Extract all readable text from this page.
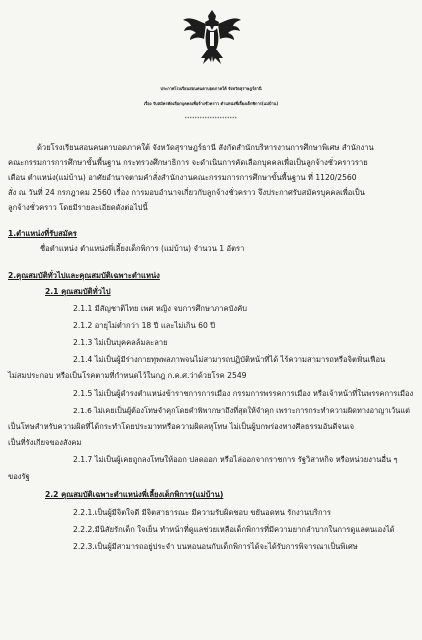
ประกาศโรงเรียนสอนคนตาบอดภาคใต้ จังหวัดสุราษฎร์ธานี
เรื่อง รับสมัครคัดเลือกบุคคลเพื่อจ้างชั่วคราว ตำแหน่งพี่เลี้ยงเด็กพิการ(แม่บ้าน)
*********************
ด้วยโรงเรียนสอนคนตาบอดภาคใต้ จังหวัดสุราษฎร์ธานี สังกัดสำนักบริหารงานการศึกษาพิเศษ สำนักงาน
คณะกรรมการการศึกษาขั้นพื้นฐาน กระทรวงศึกษาธิการ จะดำเนินการคัดเลือกบุคคลเพื่อเป็นลูกจ้างชั่วคราวราย
เดือน ตำแหน่ง(แม่บ้าน) อาศัยอำนาจตามคำสั่งสำนักงานคณะกรรมการการศึกษาขั้นพื้นฐาน ที่ 1120/2560
สั่ง ณ วันที่ 24 กรกฎาคม 2560 เรื่อง การมอบอำนาจเกี่ยวกับลูกจ้างชั่วคราว จึงประกาศรับสมัครบุคคลเพื่อเป็น
ลูกจ้างชั่วคราว โดยมีรายละเอียดดังต่อไปนี้
1.ตำแหน่งที่รับสมัคร
ชื่อตำแหน่ง ตำแหน่งพี่เลี้ยงเด็กพิการ (แม่บ้าน) จำนวน 1 อัตรา
2.คุณสมบัติทั่วไปและคุณสมบัติเฉพาะตำแหน่ง
2.1 คุณสมบัติทั่วไป
2.1.1 มีสัญชาติไทย เพศ หญิง จบการศึกษาภาคบังคับ
2.1.2 อายุไม่ต่ำกว่า 18 ปี และไม่เกิน 60 ปี
2.1.3 ไม่เป็นบุคคลล้มละลาย
2.1.4 ไม่เป็นผู้มีร่างกายทุพพลภาพจนไม่สามารถปฏิบัติหน้าที่ได้ ไร้ความสามารถหรือจิตฟั่นเฟือน
ไม่สมประกอบ หรือเป็นโรคตามที่กำหนดไว้ในกฎ ก.ค.ศ.ว่าด้วยโรค 2549
2.1.5 ไม่เป็นผู้ดำรงตำแหน่งข้าราชการการเมือง กรรมการพรรคการเมือง หรือเจ้าหน้าที่ในพรรคการเมือง
2.1.6 ไม่เคยเป็นผู้ต้องโทษจำคุกโดยคำพิพากษาถึงที่สุดให้จำคุก เพราะการกระทำความผิดทางอาญาเว้นแต่
เป็นโทษสำหรับความผิดที่ได้กระทำโดยประมาทหรือความผิดลหุโทษ ไม่เป็นผู้บกพร่องทางศีลธรรมอันดีจนเจ
เป็นที่รังเกียจของสังคม
2.1.7 ไม่เป็นผู้เคยถูกลงโทษให้ออก ปลดออก หรือไล่ออกจากราชการ รัฐวิสาหกิจ หรือหน่วยงานอื่น ๆ
ของรัฐ
2.2 คุณสมบัติเฉพาะตำแหน่งพี่เลี้ยงเด็กพิการ(แม่บ้าน)
2.2.1.เป็นผู้มีจิตใจดี มีจิตสาธารณะ มีความรับผิดชอบ ขยันอดทน รักงานบริการ
2.2.2.มีนิสัยรักเด็ก ใจเย็น ทำหน้าที่ดูแลช่วยเหลือเด็กพิการที่มีความยากลำบากในการดูแลตนเองได้
2.2.3.เป็นผู้มีสามารถอยู่ประจำ บนหอนอนกับเด็กพิการได้จะได้รับการพิจารณาเป็นพิเศษ
